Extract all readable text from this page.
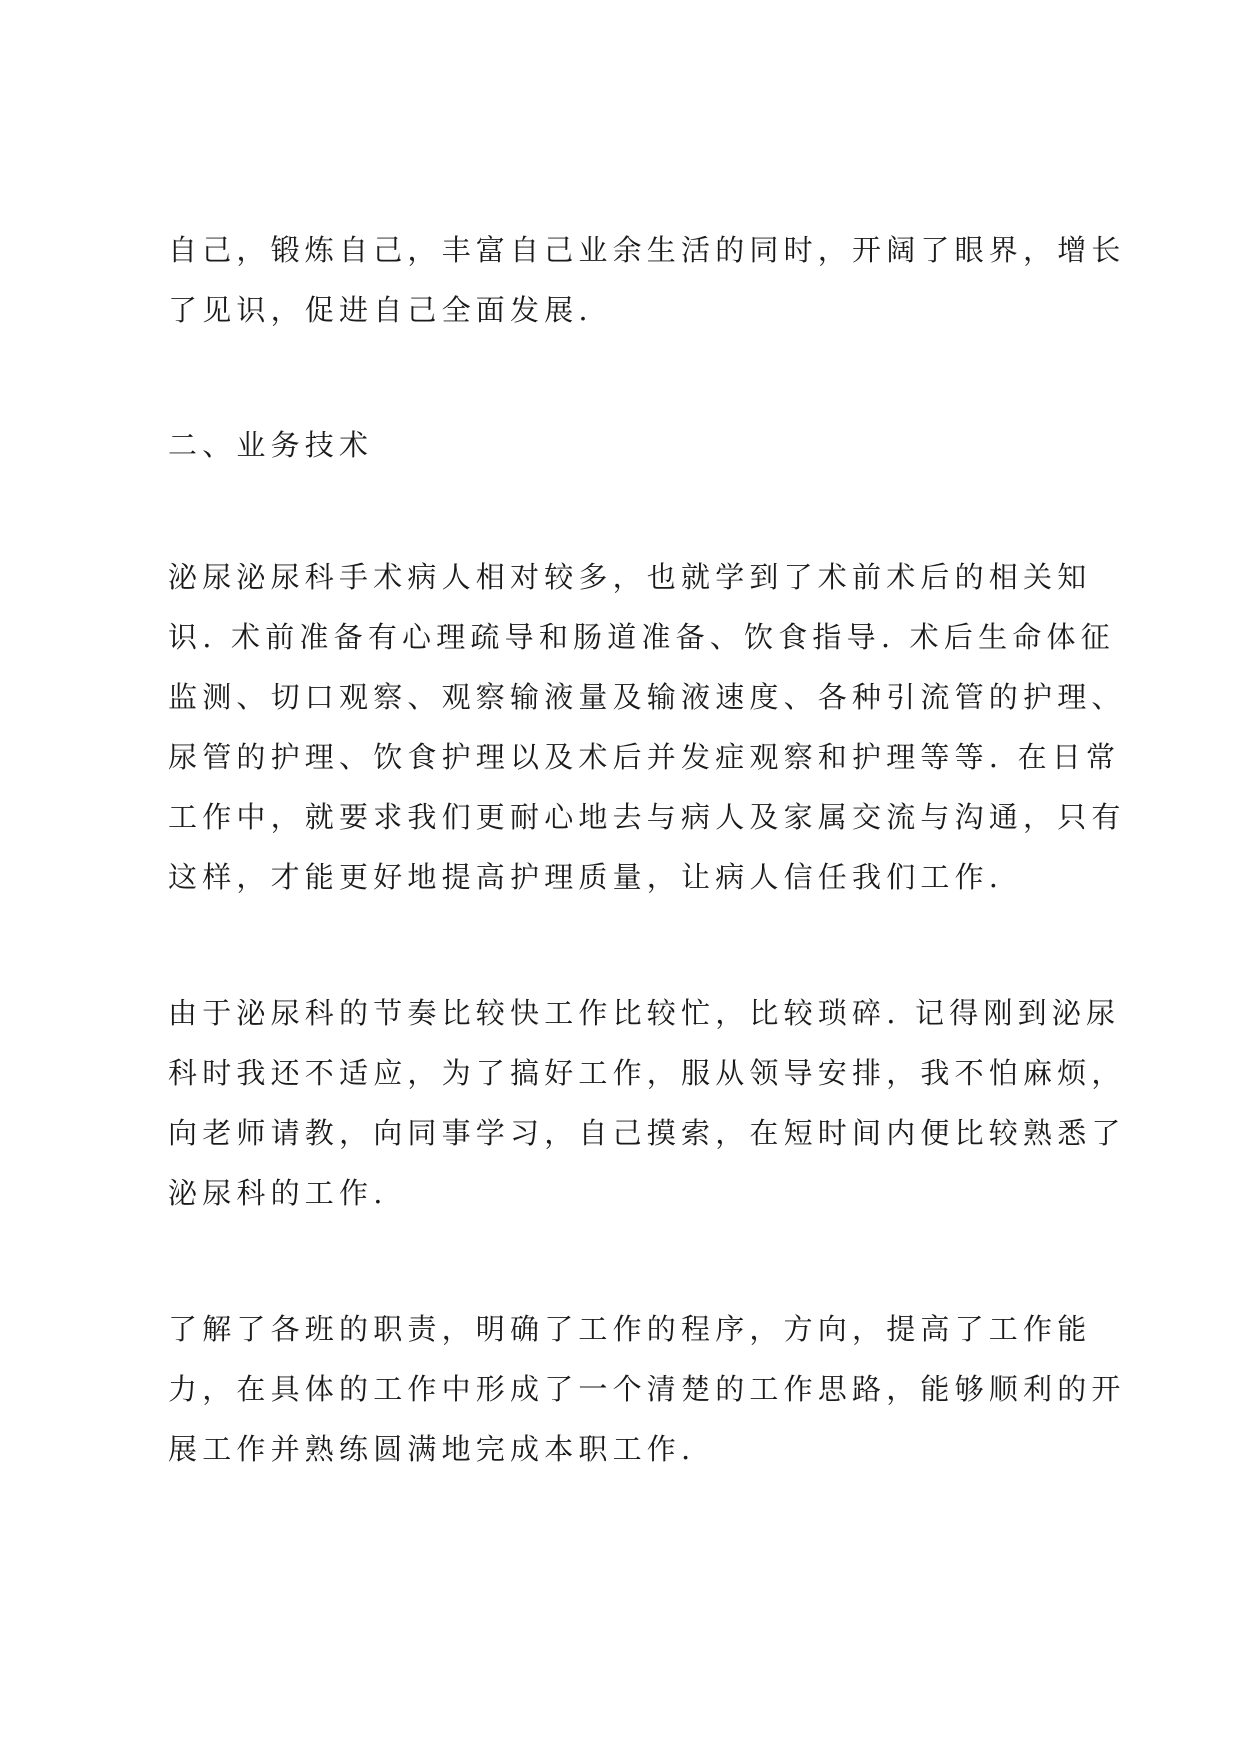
自己，锻炼自己，丰富自己业余生活的同时，开阔了眼界，增长
了见识，促进自己全面发展.
二、业务技术
泌尿泌尿科手术病人相对较多，也就学到了术前术后的相关知
识. 术前准备有心理疏导和肠道准备、饮食指导. 术后生命体征
监测、切口观察、观察输液量及输液速度、各种引流管的护理、
尿管的护理、饮食护理以及术后并发症观察和护理等等. 在日常
工作中，就要求我们更耐心地去与病人及家属交流与沟通，只有
这样，才能更好地提高护理质量，让病人信任我们工作.
由于泌尿科的节奏比较快工作比较忙，比较琐碎. 记得刚到泌尿
科时我还不适应，为了搞好工作，服从领导安排，我不怕麻烦，
向老师请教，向同事学习，自己摸索，在短时间内便比较熟悉了
泌尿科的工作.
了解了各班的职责，明确了工作的程序，方向，提高了工作能
力，在具体的工作中形成了一个清楚的工作思路，能够顺利的开
展工作并熟练圆满地完成本职工作.
